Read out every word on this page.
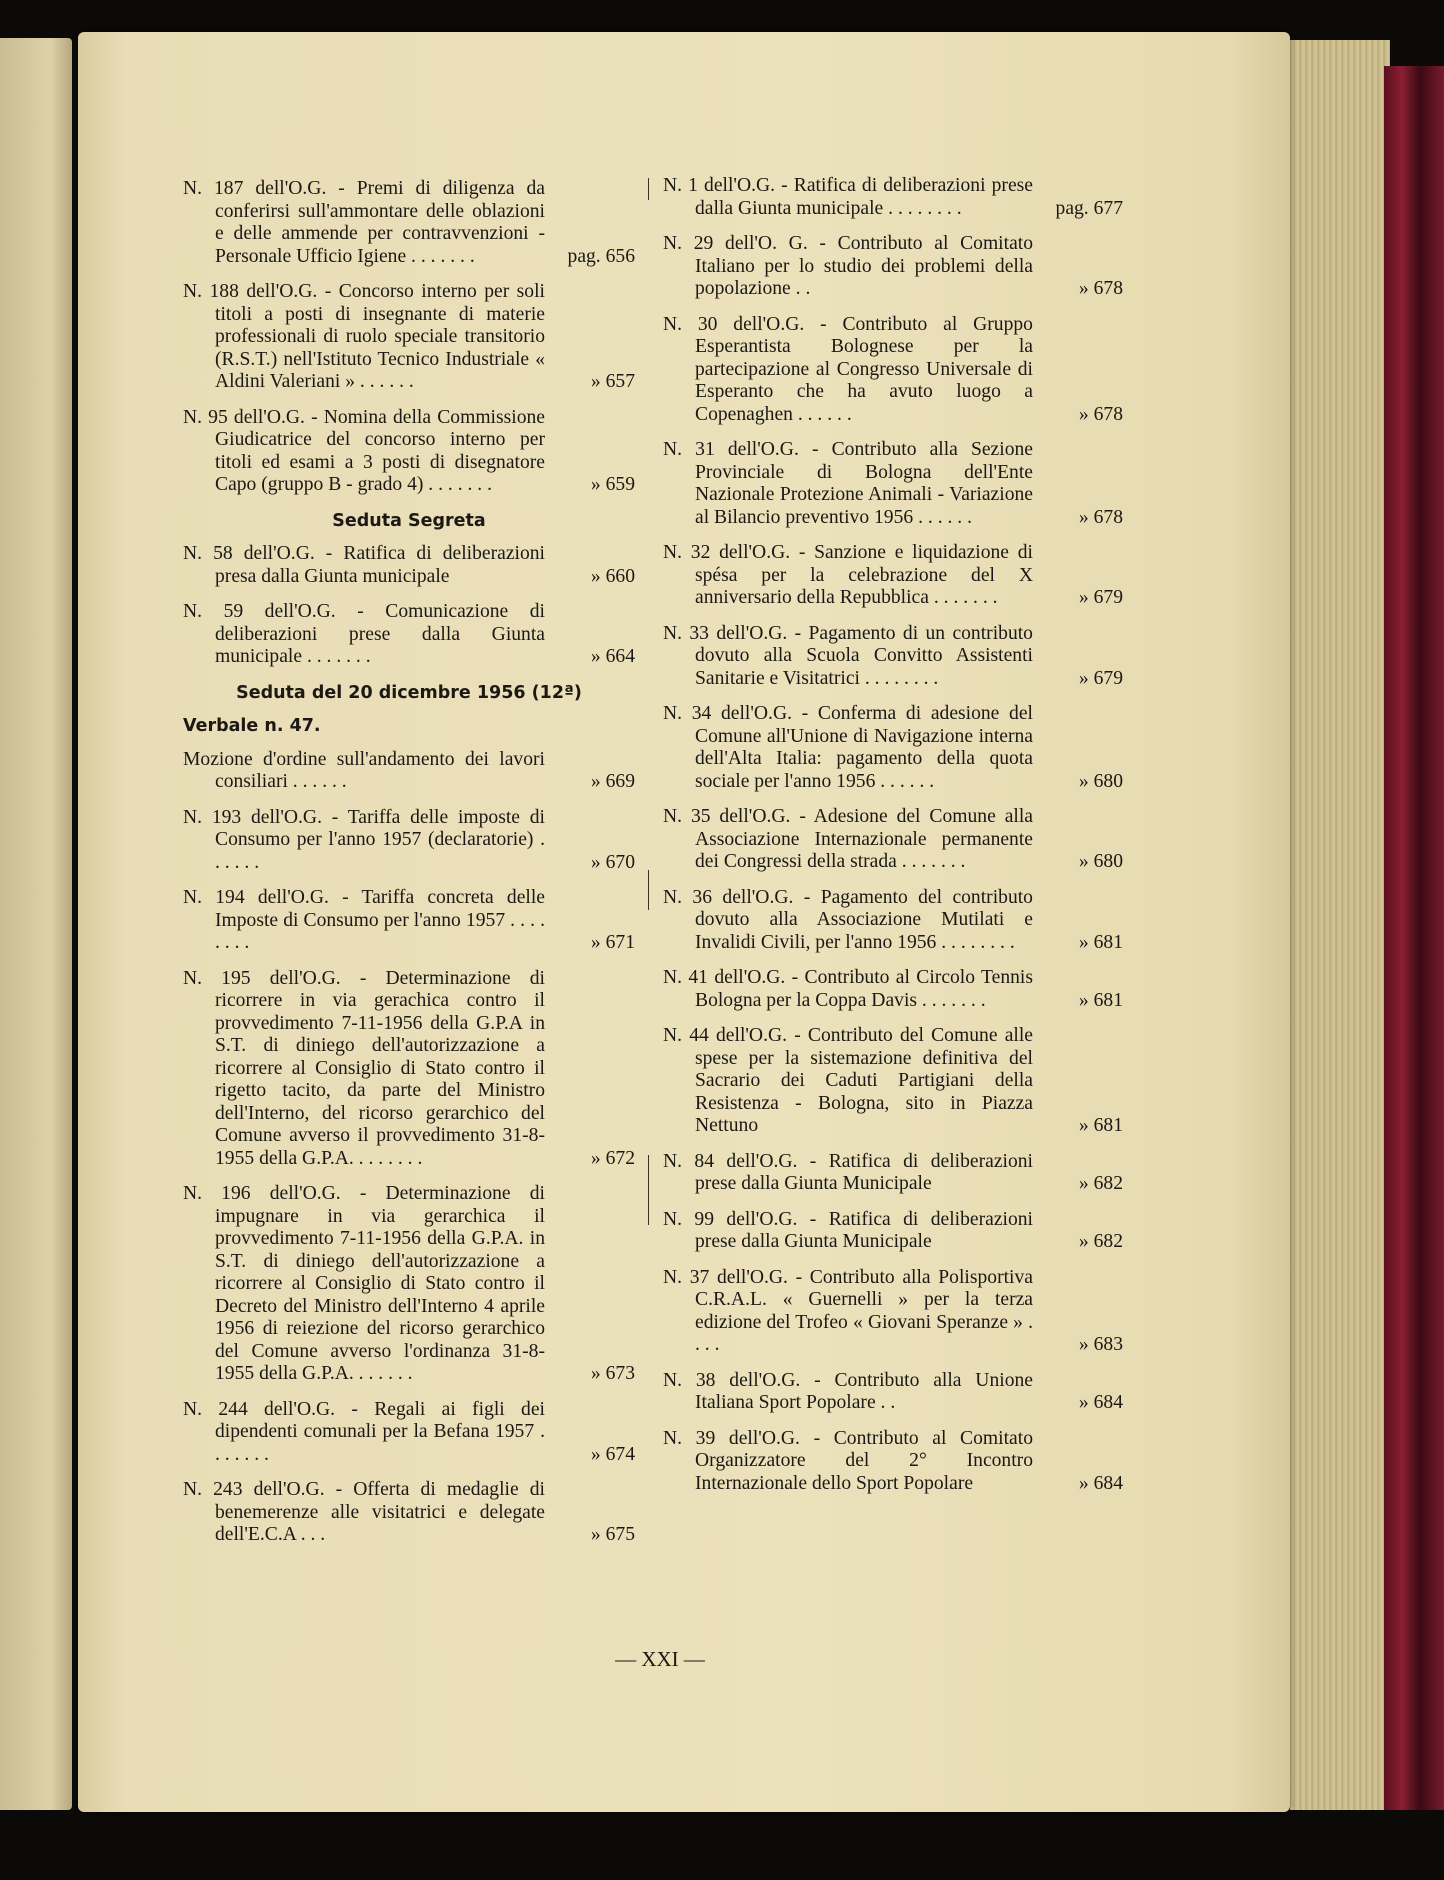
N. 187 dell'O.G. - Premi di diligenza da conferirsi sull'ammontare delle oblazioni e delle ammende per contravvenzioni - Personale Ufficio Igiene . . . . . . .	pag. 656
N. 188 dell'O.G. - Concorso interno per soli titoli a posti di insegnante di materie professionali di ruolo speciale transitorio (R.S.T.) nell'Istituto Tecnico Industriale « Aldini Valeriani » . . . . . .	» 657
N. 95 dell'O.G. - Nomina della Commissione Giudicatrice del concorso interno per titoli ed esami a 3 posti di disegnatore Capo (gruppo B - grado 4) . . . . . . .	» 659
Seduta Segreta
N. 58 dell'O.G. - Ratifica di deliberazioni presa dalla Giunta municipale	» 660
N. 59 dell'O.G. - Comunicazione di deliberazioni prese dalla Giunta municipale . . . . . . .	» 664
Seduta del 20 dicembre 1956 (12ª)
Verbale n. 47.
Mozione d'ordine sull'andamento dei lavori consiliari . . . . . .	» 669
N. 193 dell'O.G. - Tariffa delle imposte di Consumo per l'anno 1957 (declaratorie) . . . . . .	» 670
N. 194 dell'O.G. - Tariffa concreta delle Imposte di Consumo per l'anno 1957 . . . . . . . .	» 671
N. 195 dell'O.G. - Determinazione di ricorrere in via gerachica contro il provvedimento 7-11-1956 della G.P.A in S.T. di diniego dell'autorizzazione a ricorrere al Consiglio di Stato contro il rigetto tacito, da parte del Ministro dell'Interno, del ricorso gerarchico del Comune avverso il provvedimento 31-8-1955 della G.P.A. . . . . . . .	» 672
N. 196 dell'O.G. - Determinazione di impugnare in via gerarchica il provvedimento 7-11-1956 della G.P.A. in S.T. di diniego dell'autorizzazione a ricorrere al Consiglio di Stato contro il Decreto del Ministro dell'Interno 4 aprile 1956 di reiezione del ricorso gerarchico del Comune avverso l'ordinanza 31-8-1955 della G.P.A. . . . . . .	» 673
N. 244 dell'O.G. - Regali ai figli dei dipendenti comunali per la Befana 1957 . . . . . . .	» 674
N. 243 dell'O.G. - Offerta di medaglie di benemerenze alle visitatrici e delegate dell'E.C.A . . .	» 675
N. 1 dell'O.G. - Ratifica di deliberazioni prese dalla Giunta municipale . . . . . . . .	pag. 677
N. 29 dell'O. G. - Contributo al Comitato Italiano per lo studio dei problemi della popolazione . .	» 678
N. 30 dell'O.G. - Contributo al Gruppo Esperantista Bolognese per la partecipazione al Congresso Universale di Esperanto che ha avuto luogo a Copenaghen . . . . . .	» 678
N. 31 dell'O.G. - Contributo alla Sezione Provinciale di Bologna dell'Ente Nazionale Protezione Animali - Variazione al Bilancio preventivo 1956 . . . . . .	» 678
N. 32 dell'O.G. - Sanzione e liquidazione di spésa per la celebrazione del X anniversario della Repubblica . . . . . . .	» 679
N. 33 dell'O.G. - Pagamento di un contributo dovuto alla Scuola Convitto Assistenti Sanitarie e Visitatrici . . . . . . . .	» 679
N. 34 dell'O.G. - Conferma di adesione del Comune all'Unione di Navigazione interna dell'Alta Italia: pagamento della quota sociale per l'anno 1956 . . . . . .	» 680
N. 35 dell'O.G. - Adesione del Comune alla Associazione Internazionale permanente dei Congressi della strada . . . . . . .	» 680
N. 36 dell'O.G. - Pagamento del contributo dovuto alla Associazione Mutilati e Invalidi Civili, per l'anno 1956 . . . . . . . .	» 681
N. 41 dell'O.G. - Contributo al Circolo Tennis Bologna per la Coppa Davis . . . . . . .	» 681
N. 44 dell'O.G. - Contributo del Comune alle spese per la sistemazione definitiva del Sacrario dei Caduti Partigiani della Resistenza - Bologna, sito in Piazza Nettuno	» 681
N. 84 dell'O.G. - Ratifica di deliberazioni prese dalla Giunta Municipale	» 682
N. 99 dell'O.G. - Ratifica di deliberazioni prese dalla Giunta Municipale	» 682
N. 37 dell'O.G. - Contributo alla Polisportiva C.R.A.L. « Guernelli » per la terza edizione del Trofeo « Giovani Speranze » . . . .	» 683
N. 38 dell'O.G. - Contributo alla Unione Italiana Sport Popolare . .	» 684
N. 39 dell'O.G. - Contributo al Comitato Organizzatore del 2° Incontro Internazionale dello Sport Popolare	» 684
— XXI —
